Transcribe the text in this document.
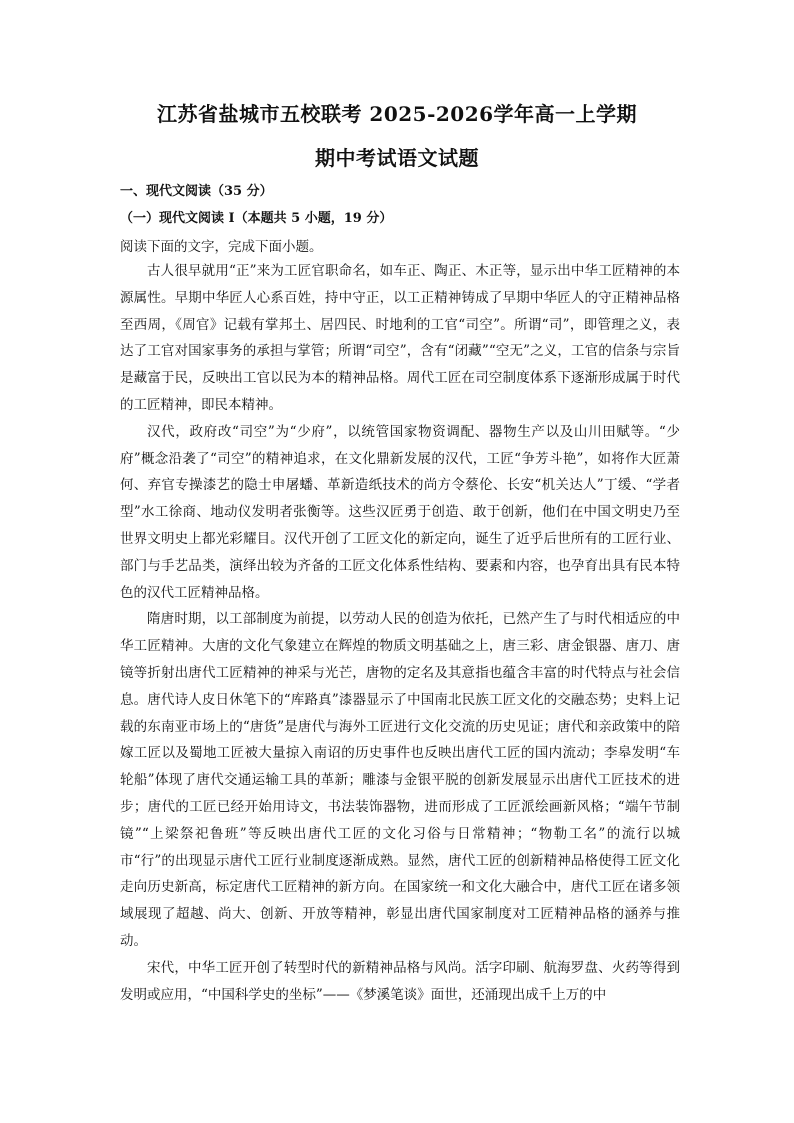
江苏省盐城市五校联考 2025-2026学年高一上学期
期中考试语文试题
一、现代文阅读（35 分）
（一）现代文阅读 Ⅰ（本题共 5 小题，19 分）
阅读下面的文字，完成下面小题。

古人很早就用“正”来为工匠官职命名，如车正、陶正、木正等，显示出中华工匠精神的本源属性。早期中华匠人心系百姓，持中守正，以工正精神铸成了早期中华匠人的守正精神品格至西周，《周官》记载有掌邦土、居四民、时地利的工官“司空”。所谓“司”，即管理之义，表达了工官对国家事务的承担与掌管；所谓“司空”，含有“闭藏”“空无”之义，工官的信条与宗旨是藏富于民，反映出工官以民为本的精神品格。周代工匠在司空制度体系下逐渐形成属于时代的工匠精神，即民本精神。

汉代，政府改“司空”为“少府”，以统管国家物资调配、器物生产以及山川田赋等。“少府”概念沿袭了“司空”的精神追求，在文化鼎新发展的汉代，工匠“争芳斗艳”，如将作大匠萧何、弃官专操漆艺的隐士申屠蟠、革新造纸技术的尚方令蔡伦、长安“机关达人”丁缓、“学者型”水工徐商、地动仪发明者张衡等。这些汉匠勇于创造、敢于创新，他们在中国文明史乃至世界文明史上都光彩耀目。汉代开创了工匠文化的新定向，诞生了近乎后世所有的工匠行业、部门与手艺品类，演绎出较为齐备的工匠文化体系性结构、要素和内容，也孕育出具有民本特色的汉代工匠精神品格。

隋唐时期，以工部制度为前提，以劳动人民的创造为依托，已然产生了与时代相适应的中华工匠精神。大唐的文化气象建立在辉煌的物质文明基础之上，唐三彩、唐金银器、唐刀、唐镜等折射出唐代工匠精神的神采与光芒，唐物的定名及其意指也蕴含丰富的时代特点与社会信息。唐代诗人皮日休笔下的“库路真”漆器显示了中国南北民族工匠文化的交融态势；史料上记载的东南亚市场上的“唐货”是唐代与海外工匠进行文化交流的历史见证；唐代和亲政策中的陪嫁工匠以及蜀地工匠被大量掠入南诏的历史事件也反映出唐代工匠的国内流动；李皋发明“车轮船”体现了唐代交通运输工具的革新；雕漆与金银平脱的创新发展显示出唐代工匠技术的进步；唐代的工匠已经开始用诗文，书法装饰器物，进而形成了工匠派绘画新风格；“端午节制镜”“上梁祭祀鲁班”等反映出唐代工匠的文化习俗与日常精神；“物勒工名”的流行以城市“行”的出现显示唐代工匠行业制度逐渐成熟。显然，唐代工匠的创新精神品格使得工匠文化走向历史新高，标定唐代工匠精神的新方向。在国家统一和文化大融合中，唐代工匠在诸多领域展现了超越、尚大、创新、开放等精神，彰显出唐代国家制度对工匠精神品格的涵养与推动。

宋代，中华工匠开创了转型时代的新精神品格与风尚。活字印刷、航海罗盘、火药等得到发明或应用，“中国科学史的坐标”——《梦溪笔谈》面世，还涌现出成千上万的中
